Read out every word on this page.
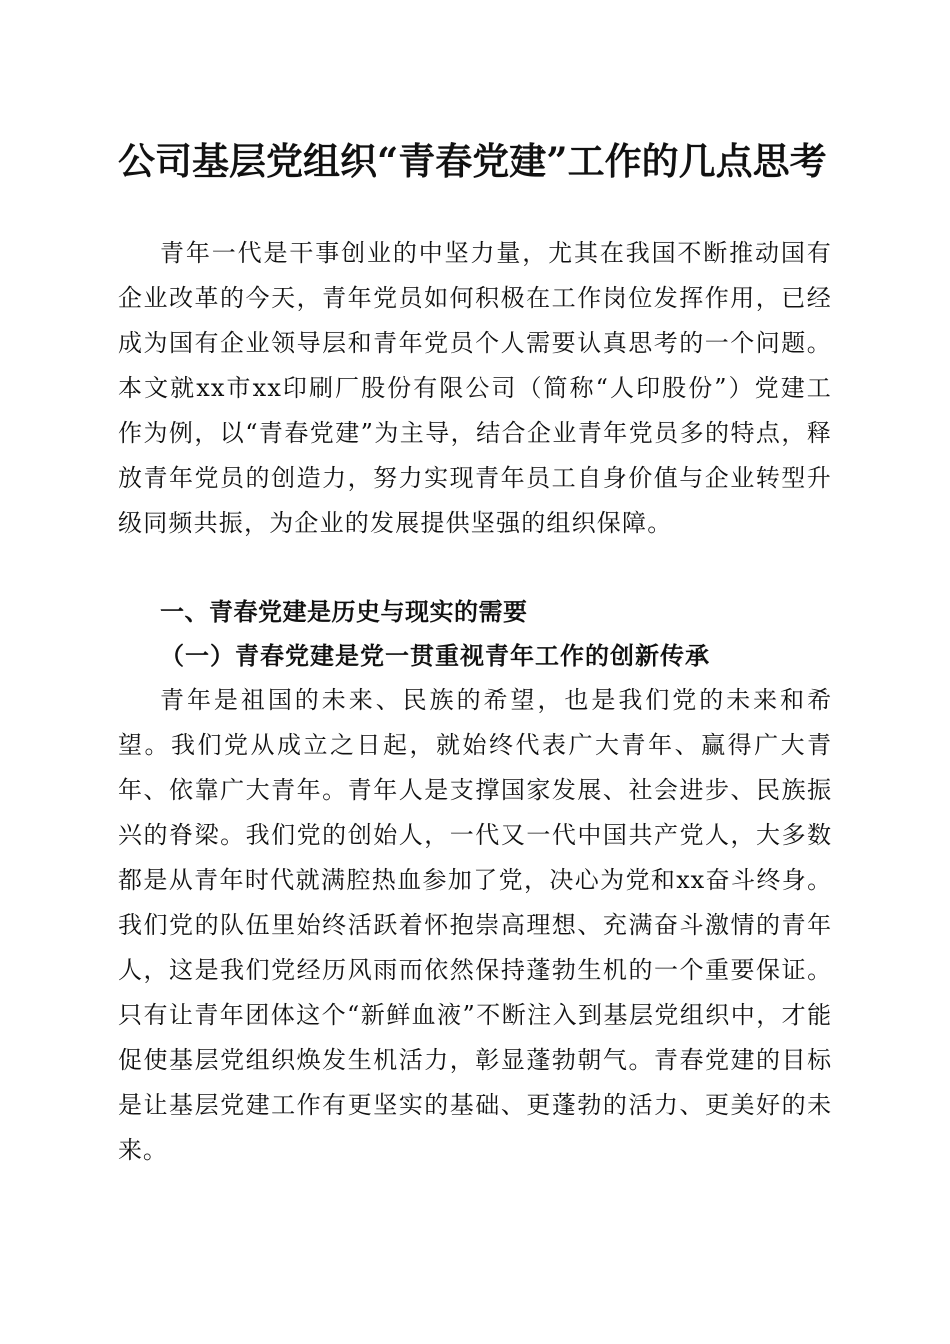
公司基层党组织“青春党建”工作的几点思考

青年一代是干事创业的中坚力量，尤其在我国不断推动国有企业改革的今天，青年党员如何积极在工作岗位发挥作用，已经成为国有企业领导层和青年党员个人需要认真思考的一个问题。本文就xx市xx印刷厂股份有限公司（简称“人印股份”）党建工作为例，以“青春党建”为主导，结合企业青年党员多的特点，释放青年党员的创造力，努力实现青年员工自身价值与企业转型升级同频共振，为企业的发展提供坚强的组织保障。

一、青春党建是历史与现实的需要
（一）青春党建是党一贯重视青年工作的创新传承

青年是祖国的未来、民族的希望，也是我们党的未来和希望。我们党从成立之日起，就始终代表广大青年、赢得广大青年、依靠广大青年。青年人是支撑国家发展、社会进步、民族振兴的脊梁。我们党的创始人，一代又一代中国共产党人，大多数都是从青年时代就满腔热血参加了党，决心为党和xx奋斗终身。我们党的队伍里始终活跃着怀抱崇高理想、充满奋斗激情的青年人，这是我们党经历风雨而依然保持蓬勃生机的一个重要保证。只有让青年团体这个“新鲜血液”不断注入到基层党组织中，才能促使基层党组织焕发生机活力，彰显蓬勃朝气。青春党建的目标是让基层党建工作有更坚实的基础、更蓬勃的活力、更美好的未来。
